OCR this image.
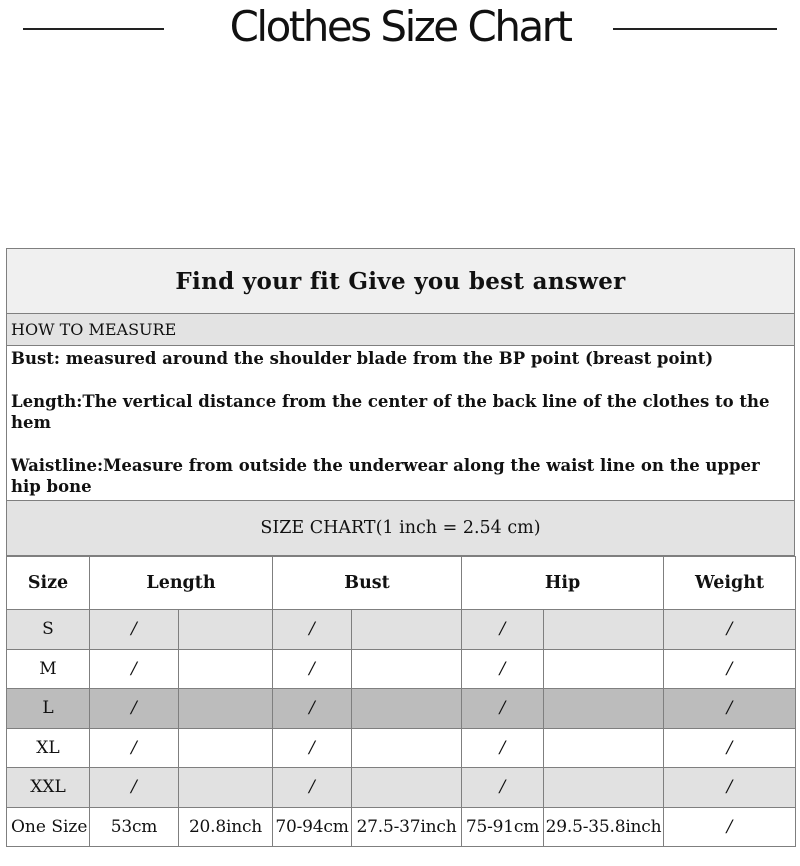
Clothes Size Chart
Find your fit Give you best answer
HOW TO MEASURE

Bust: measured around the shoulder blade from the BP point (breast point)

Length:The vertical distance from the center of the back line of the clothes to the hem

Waistline:Measure from outside the underwear along the waist line on the upper hip bone

SIZE CHART(1 inch = 2.54 cm)
Size	Length		Bust		Hip		Weight
S	/		/		/		/
M	/		/		/		/
L	/		/		/		/
XL	/		/		/		/
XXL	/		/		/		/
One Size	53cm	20.8inch	70-94cm	27.5-37inch	75-91cm	29.5-35.8inch	/
